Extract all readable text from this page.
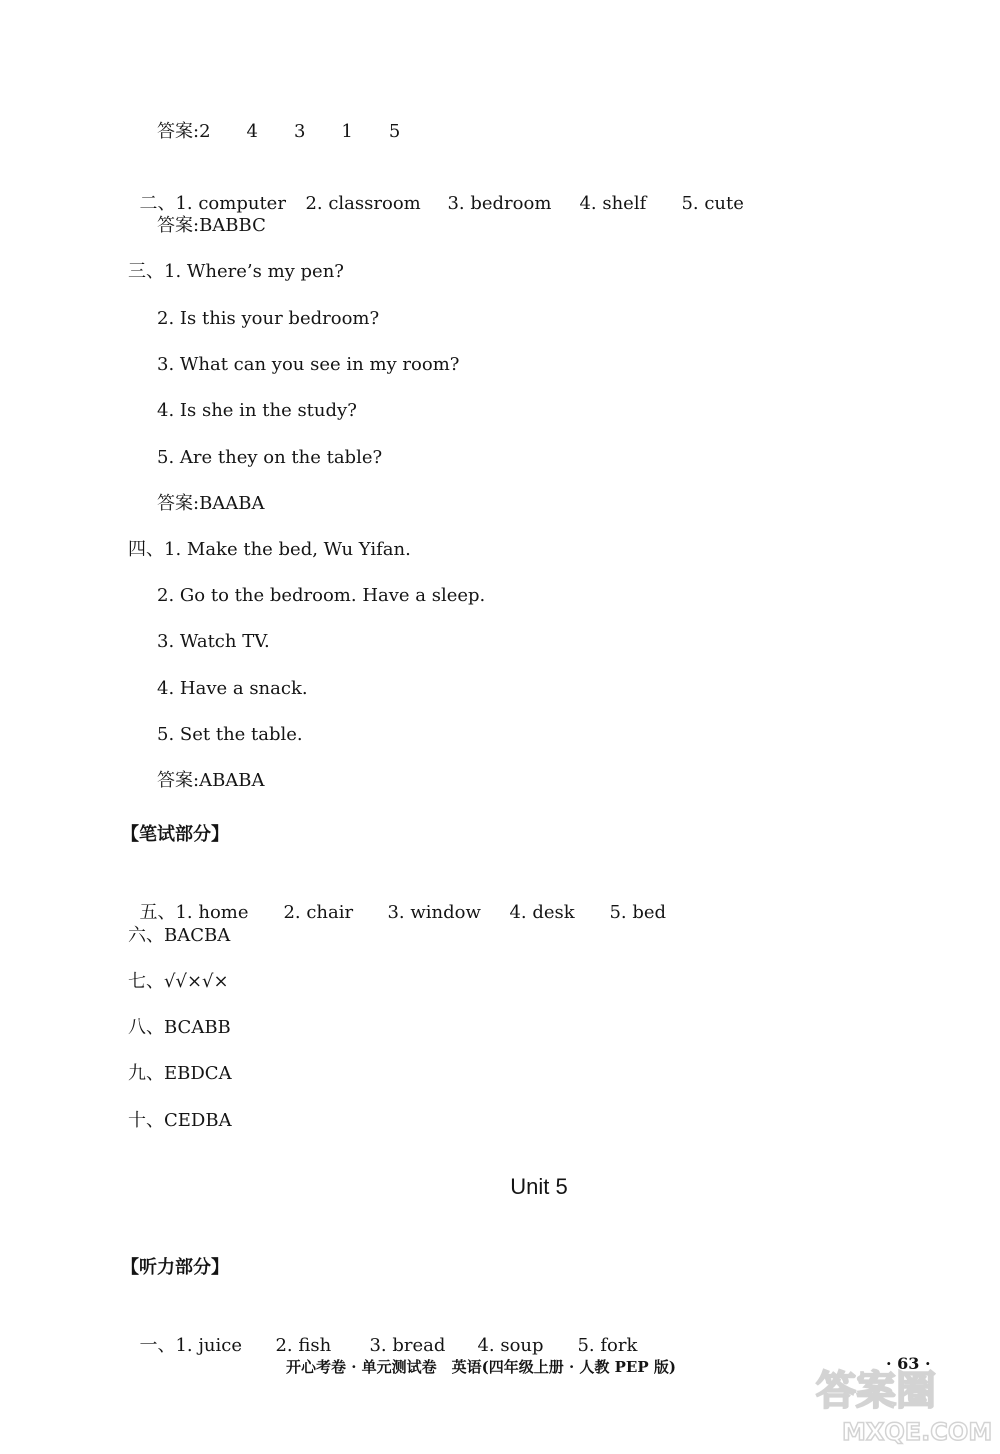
答案:2　　4　　3　　1　　5

二、1. computer 2. classroom 3. bedroom 4. shelf 5. cute

答案:BABBC
三、1. Where’s my pen?
2. Is this your bedroom?
3. What can you see in my room?
4. Is she in the study?
5. Are they on the table?
答案:BAABA
四、1. Make the bed, Wu Yifan.
2. Go to the bedroom. Have a sleep.
3. Watch TV.
4. Have a snack.
5. Set the table.
答案:ABABA
【笔试部分】

五、1. home 2. chair 3. window 4. desk 5. bed

六、BACBA
七、√√×√×
八、BCABB
九、EBDCA
十、CEDBA
Unit 5
【听力部分】

一、1. juice 2. fish 3. bread 4. soup 5. fork

开心考卷 · 单元测试卷　英语(四年级上册 · 人教 PEP 版)	· 63 ·
答案圈
MXQE.COM
